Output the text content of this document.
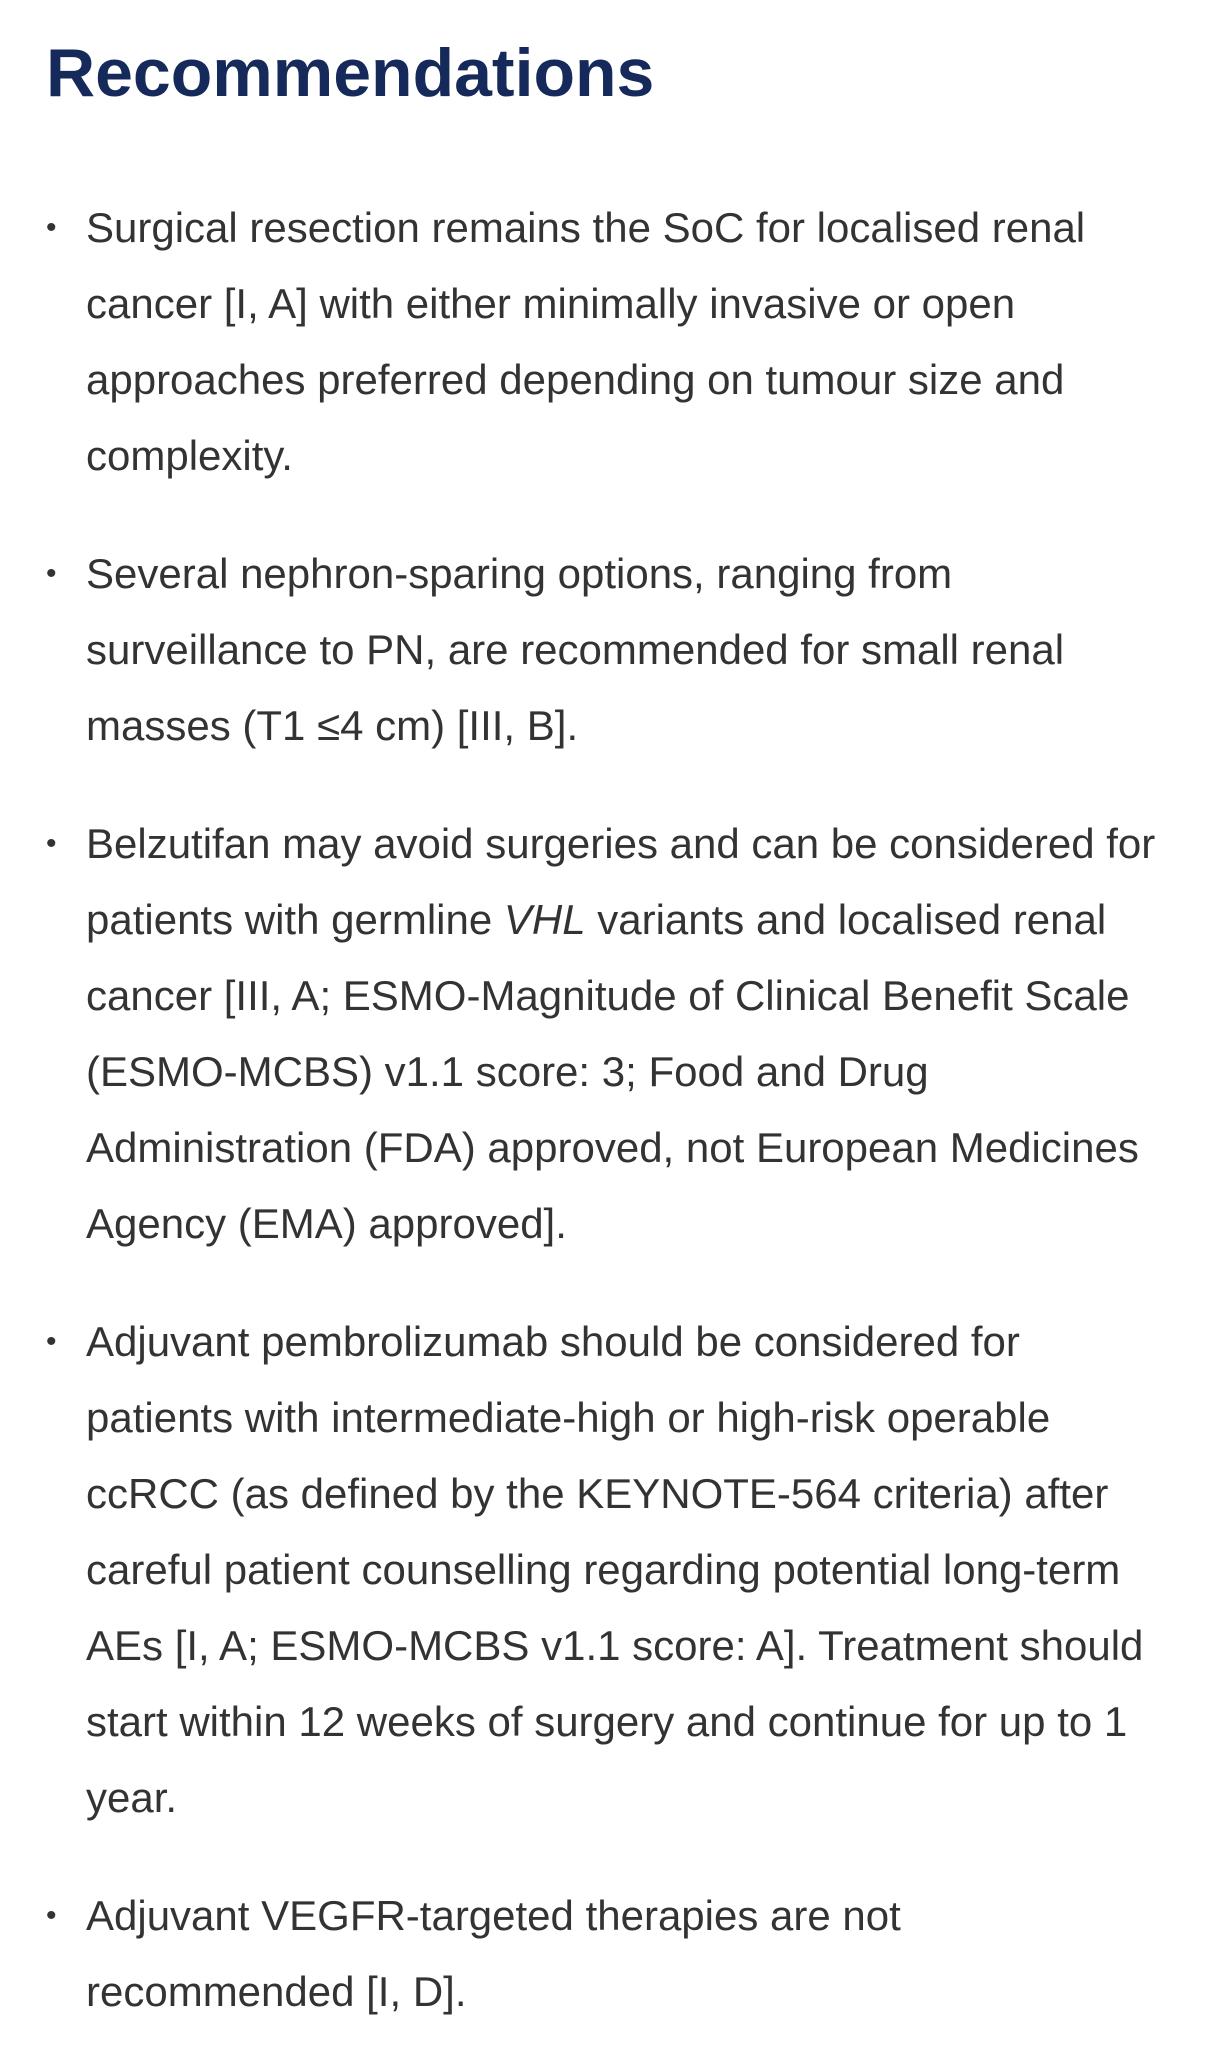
Recommendations
• Surgical resection remains the SoC for localised renal cancer [I, A] with either minimally invasive or open approaches preferred depending on tumour size and complexity.
• Several nephron-sparing options, ranging from surveillance to PN, are recommended for small renal masses (T1 ≤4 cm) [III, B].
• Belzutifan may avoid surgeries and can be considered for patients with germline VHL variants and localised renal cancer [III, A; ESMO-Magnitude of Clinical Benefit Scale (ESMO-MCBS) v1.1 score: 3; Food and Drug Administration (FDA) approved, not European Medicines Agency (EMA) approved].
• Adjuvant pembrolizumab should be considered for patients with intermediate-high or high-risk operable ccRCC (as defined by the KEYNOTE-564 criteria) after careful patient counselling regarding potential long-term AEs [I, A; ESMO-MCBS v1.1 score: A]. Treatment should start within 12 weeks of surgery and continue for up to 1 year.
• Adjuvant VEGFR-targeted therapies are not recommended [I, D].
